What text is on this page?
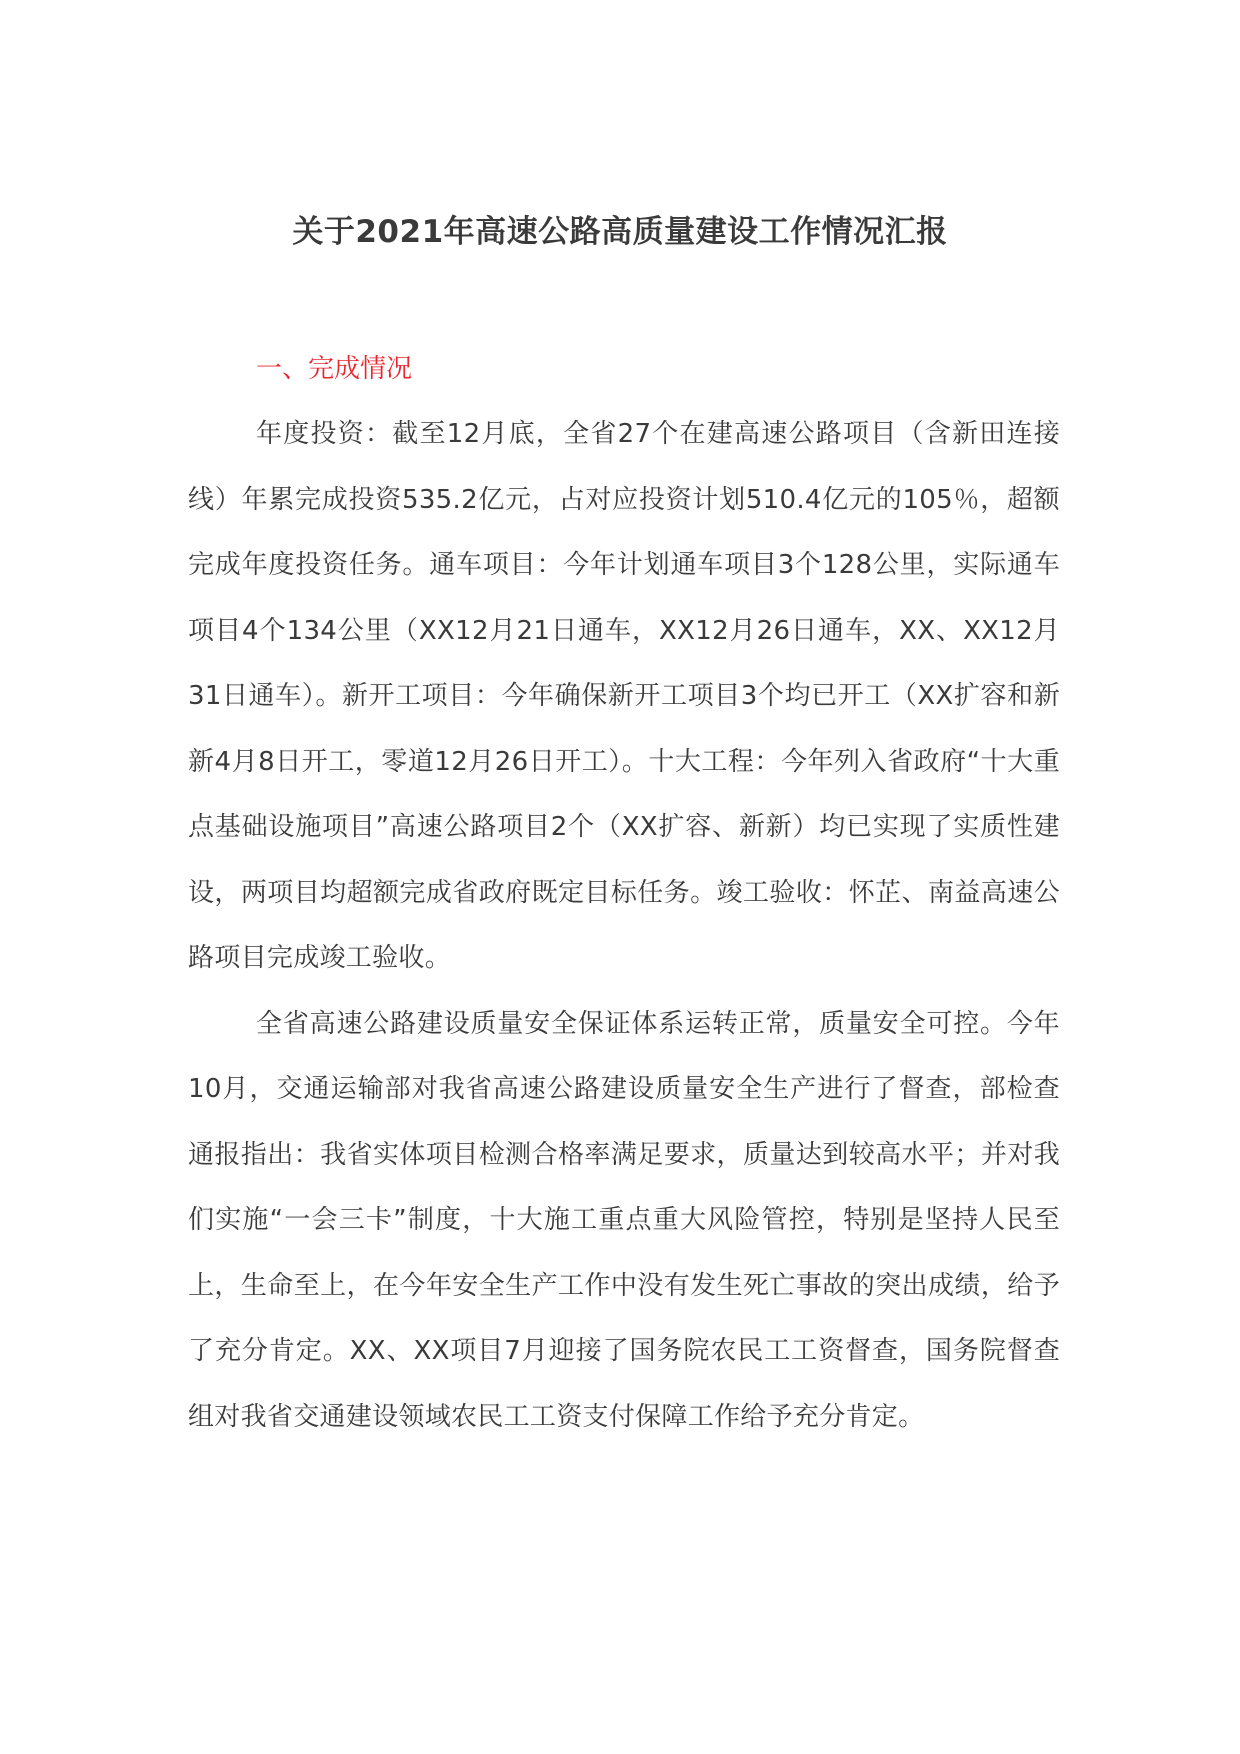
关于2021年高速公路高质量建设工作情况汇报
一、完成情况

年度投资：截至12月底，全省27个在建高速公路项目（含新田连接线）年累完成投资535.2亿元，占对应投资计划510.4亿元的105％，超额完成年度投资任务。通车项目：今年计划通车项目3个128公里，实际通车项目4个134公里（XX12月21日通车，XX12月26日通车，XX、XX12月31日通车）。新开工项目：今年确保新开工项目3个均已开工（XX扩容和新新4月8日开工，零道12月26日开工）。十大工程：今年列入省政府“十大重点基础设施项目”高速公路项目2个（XX扩容、新新）均已实现了实质性建设，两项目均超额完成省政府既定目标任务。竣工验收：怀芷、南益高速公路项目完成竣工验收。

全省高速公路建设质量安全保证体系运转正常，质量安全可控。今年10月，交通运输部对我省高速公路建设质量安全生产进行了督查，部检查通报指出：我省实体项目检测合格率满足要求，质量达到较高水平；并对我们实施“一会三卡”制度，十大施工重点重大风险管控，特别是坚持人民至上，生命至上，在今年安全生产工作中没有发生死亡事故的突出成绩，给予了充分肯定。XX、XX项目7月迎接了国务院农民工工资督查，国务院督查组对我省交通建设领域农民工工资支付保障工作给予充分肯定。
